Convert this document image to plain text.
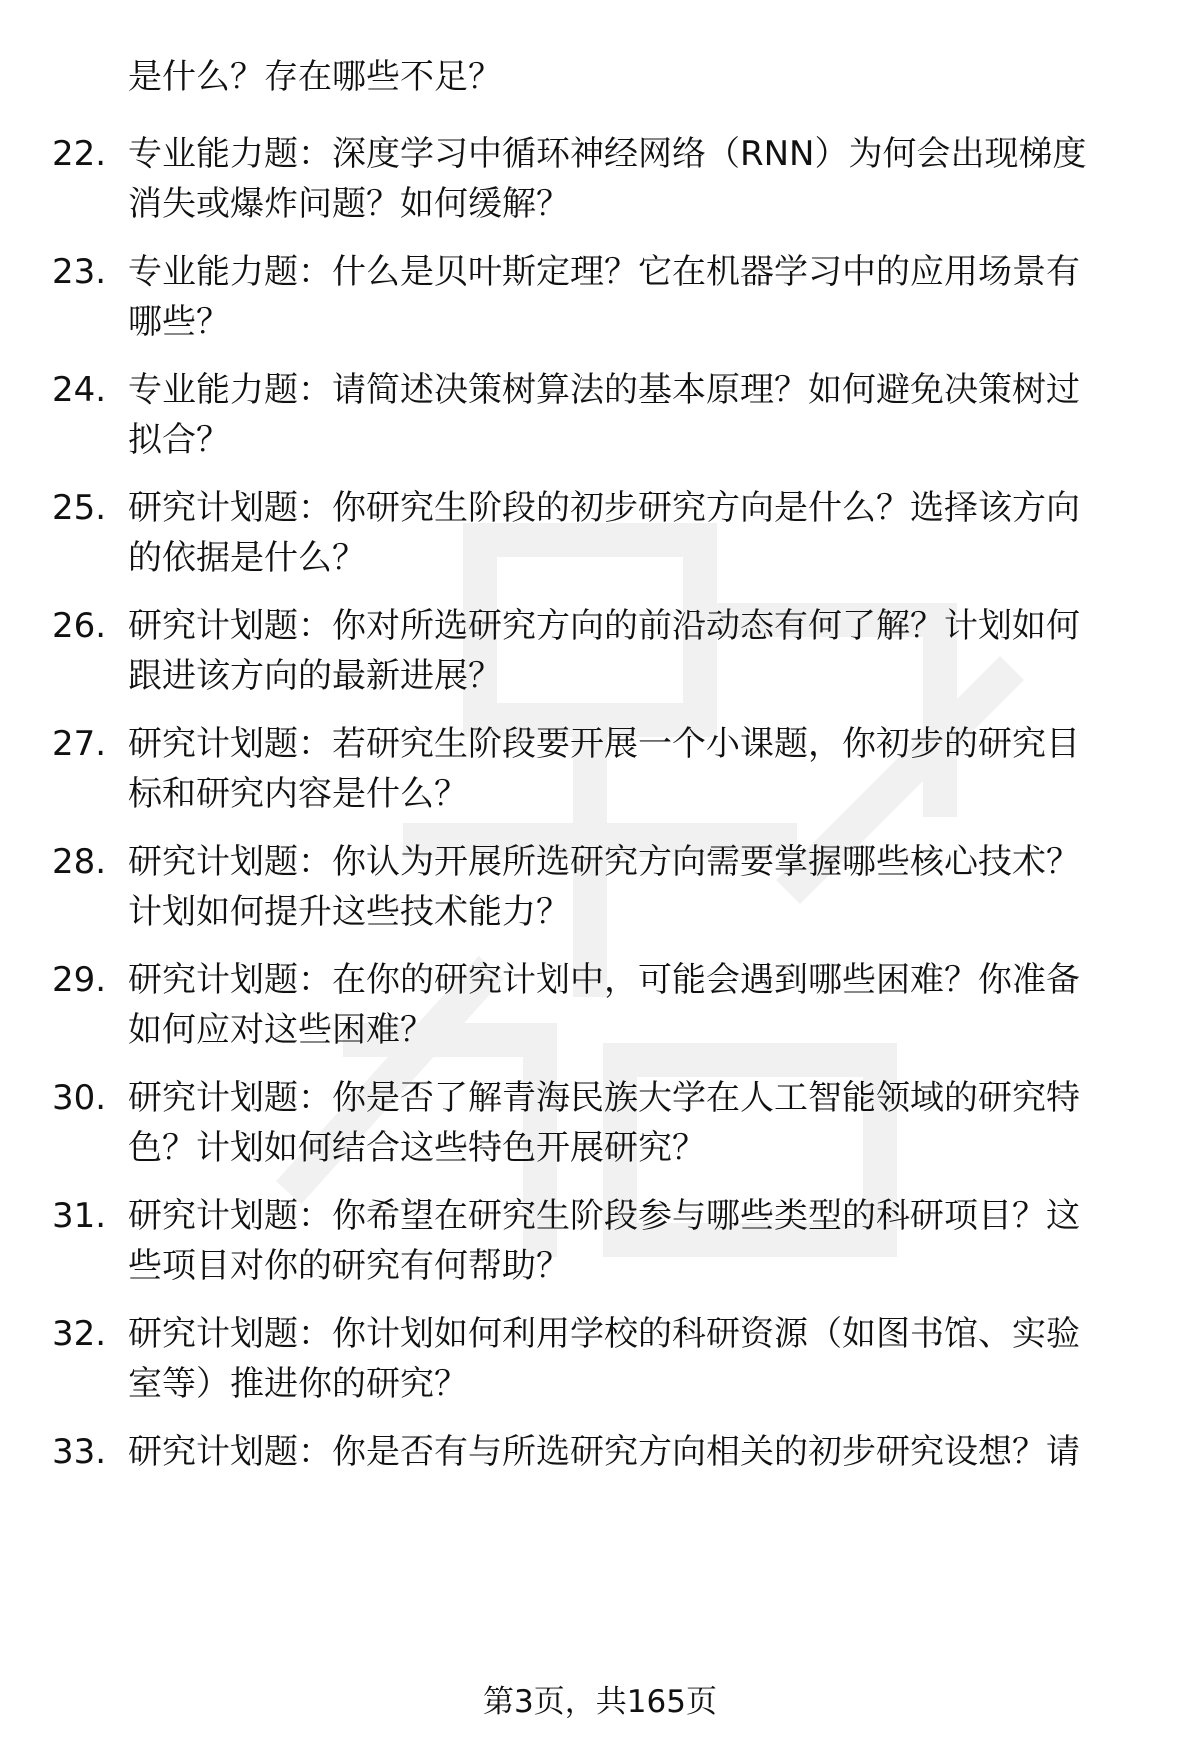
是什么？存在哪些不足？
22. 专业能力题：深度学习中循环神经网络（RNN）为何会出现梯度
消失或爆炸问题？如何缓解？
23. 专业能力题：什么是贝叶斯定理？它在机器学习中的应用场景有
哪些？
24. 专业能力题：请简述决策树算法的基本原理？如何避免决策树过
拟合？
25. 研究计划题：你研究生阶段的初步研究方向是什么？选择该方向
的依据是什么？
26. 研究计划题：你对所选研究方向的前沿动态有何了解？计划如何
跟进该方向的最新进展？
27. 研究计划题：若研究生阶段要开展一个小课题，你初步的研究目
标和研究内容是什么？
28. 研究计划题：你认为开展所选研究方向需要掌握哪些核心技术？
计划如何提升这些技术能力？
29. 研究计划题：在你的研究计划中，可能会遇到哪些困难？你准备
如何应对这些困难？
30. 研究计划题：你是否了解青海民族大学在人工智能领域的研究特
色？计划如何结合这些特色开展研究？
31. 研究计划题：你希望在研究生阶段参与哪些类型的科研项目？这
些项目对你的研究有何帮助？
32. 研究计划题：你计划如何利用学校的科研资源（如图书馆、实验
室等）推进你的研究？
33. 研究计划题：你是否有与所选研究方向相关的初步研究设想？请
第3页，共165页
